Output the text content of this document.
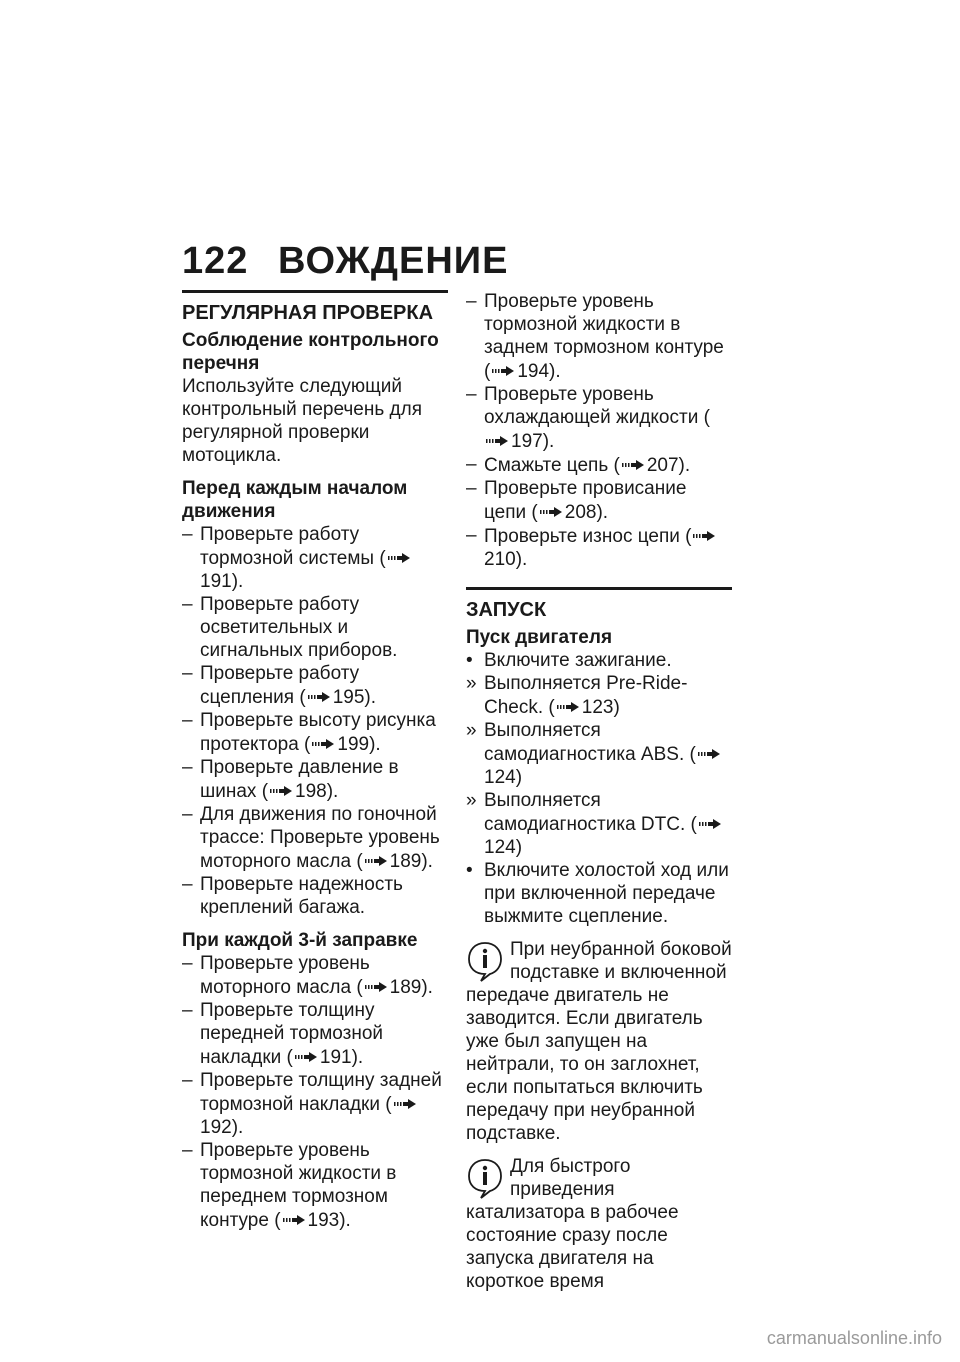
122 ВОЖДЕНИЕ
РЕГУЛЯРНАЯ ПРОВЕРКА
Соблюдение контрольного перечня
Используйте следующий контрольный перечень для регулярной проверки мотоцикла.
Перед каждым началом движения
– Проверьте работу тормозной системы (191).
– Проверьте работу осветительных и сигнальных приборов.
– Проверьте работу сцепления ( 195).
– Проверьте высоту рисунка протектора ( 199).
– Проверьте давление в шинах ( 198).
– Для движения по гоночной трассе: Проверьте уровень моторного масла ( 189).
– Проверьте надежность креплений багажа.
При каждой 3-й заправке
– Проверьте уровень моторного масла ( 189).
– Проверьте толщину передней тормозной накладки ( 191).
– Проверьте толщину задней тормозной накладки (192).
– Проверьте уровень тормозной жидкости в переднем тормозном контуре ( 193).
– Проверьте уровень тормозной жидкости в заднем тормозном контуре ( 194).
– Проверьте уровень охлаждающей жидкости (197).
– Смажьте цепь ( 207).
– Проверьте провисание цепи ( 208).
– Проверьте износ цепи (210).
ЗАПУСК
Пуск двигателя
• Включите зажигание.
» Выполняется Pre-Ride-Check. ( 123)
» Выполняется самодиагностика ABS. (124)
» Выполняется самодиагностика DTC. (124)
• Включите холостой ход или при включенной передаче выжмите сцепление.
При неубранной боковой подставке и включенной передаче двигатель не заводится. Если двигатель уже был запущен на нейтрали, то он заглохнет, если попытаться включить передачу при неубранной подставке.
Для быстрого приведения катализатора в рабочее состояние сразу после запуска двигателя на короткое время
carmanualsonline.info
